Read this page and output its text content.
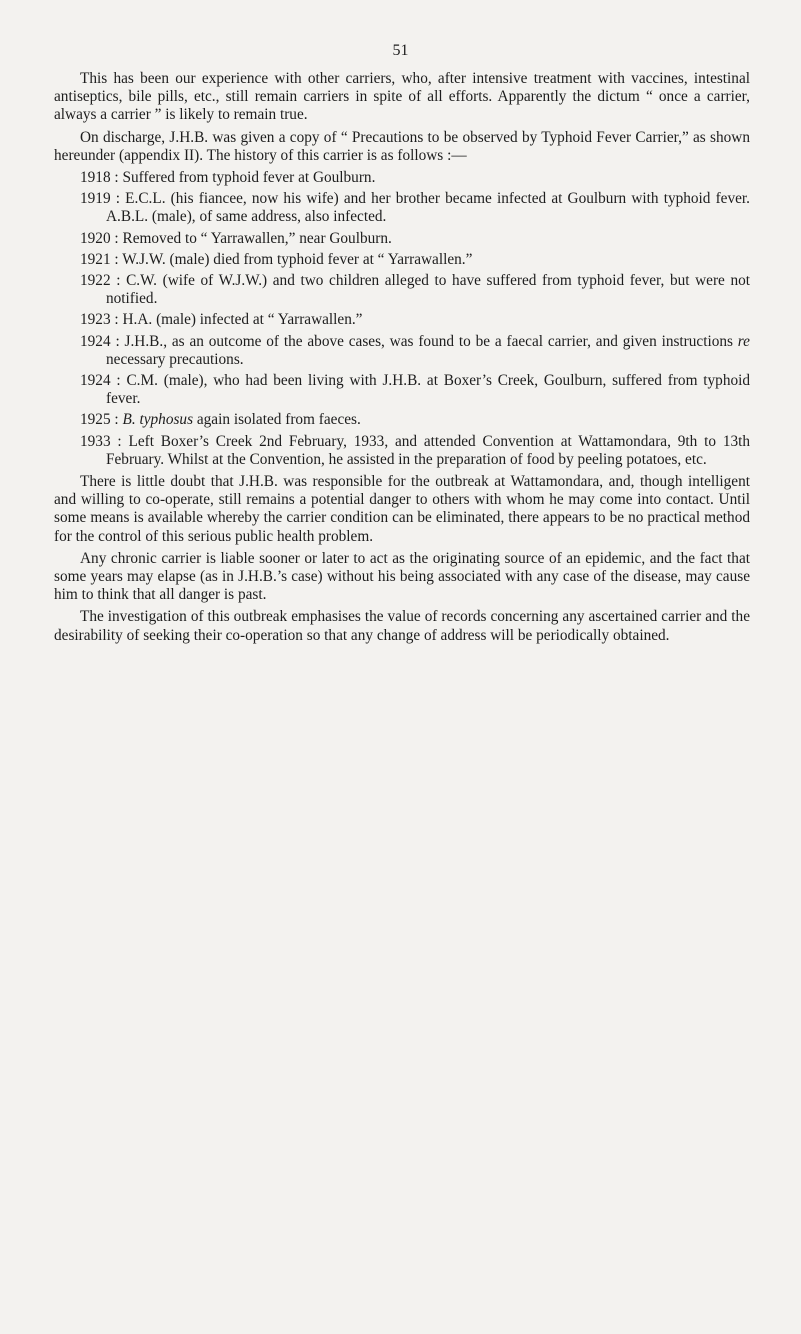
51

This has been our experience with other carriers, who, after intensive treatment with vaccines, intestinal antiseptics, bile pills, etc., still remain carriers in spite of all efforts. Apparently the dictum “ once a carrier, always a carrier ” is likely to remain true.

On discharge, J.H.B. was given a copy of “ Precautions to be observed by Typhoid Fever Carrier,” as shown hereunder (appendix II). The history of this carrier is as follows :—

1918 : Suffered from typhoid fever at Goulburn.
1919 : E.C.L. (his fiancee, now his wife) and her brother became infected at Goulburn with typhoid fever. A.B.L. (male), of same address, also infected.
1920 : Removed to “ Yarrawallen,” near Goulburn.
1921 : W.J.W. (male) died from typhoid fever at “ Yarrawallen.”
1922 : C.W. (wife of W.J.W.) and two children alleged to have suffered from typhoid fever, but were not notified.
1923 : H.A. (male) infected at “ Yarrawallen.”
1924 : J.H.B., as an outcome of the above cases, was found to be a faecal carrier, and given instructions re necessary precautions.
1924 : C.M. (male), who had been living with J.H.B. at Boxer’s Creek, Goulburn, suffered from typhoid fever.
1925 : B. typhosus again isolated from faeces.
1933 : Left Boxer’s Creek 2nd February, 1933, and attended Convention at Wattamondara, 9th to 13th February. Whilst at the Convention, he assisted in the preparation of food by peeling potatoes, etc.

There is little doubt that J.H.B. was responsible for the outbreak at Wattamondara, and, though intelligent and willing to co-operate, still remains a potential danger to others with whom he may come into contact. Until some means is available whereby the carrier condition can be eliminated, there appears to be no practical method for the control of this serious public health problem.

Any chronic carrier is liable sooner or later to act as the originating source of an epidemic, and the fact that some years may elapse (as in J.H.B.’s case) without his being associated with any case of the disease, may cause him to think that all danger is past.

The investigation of this outbreak emphasises the value of records concerning any ascertained carrier and the desirability of seeking their co-operation so that any change of address will be periodically obtained.
